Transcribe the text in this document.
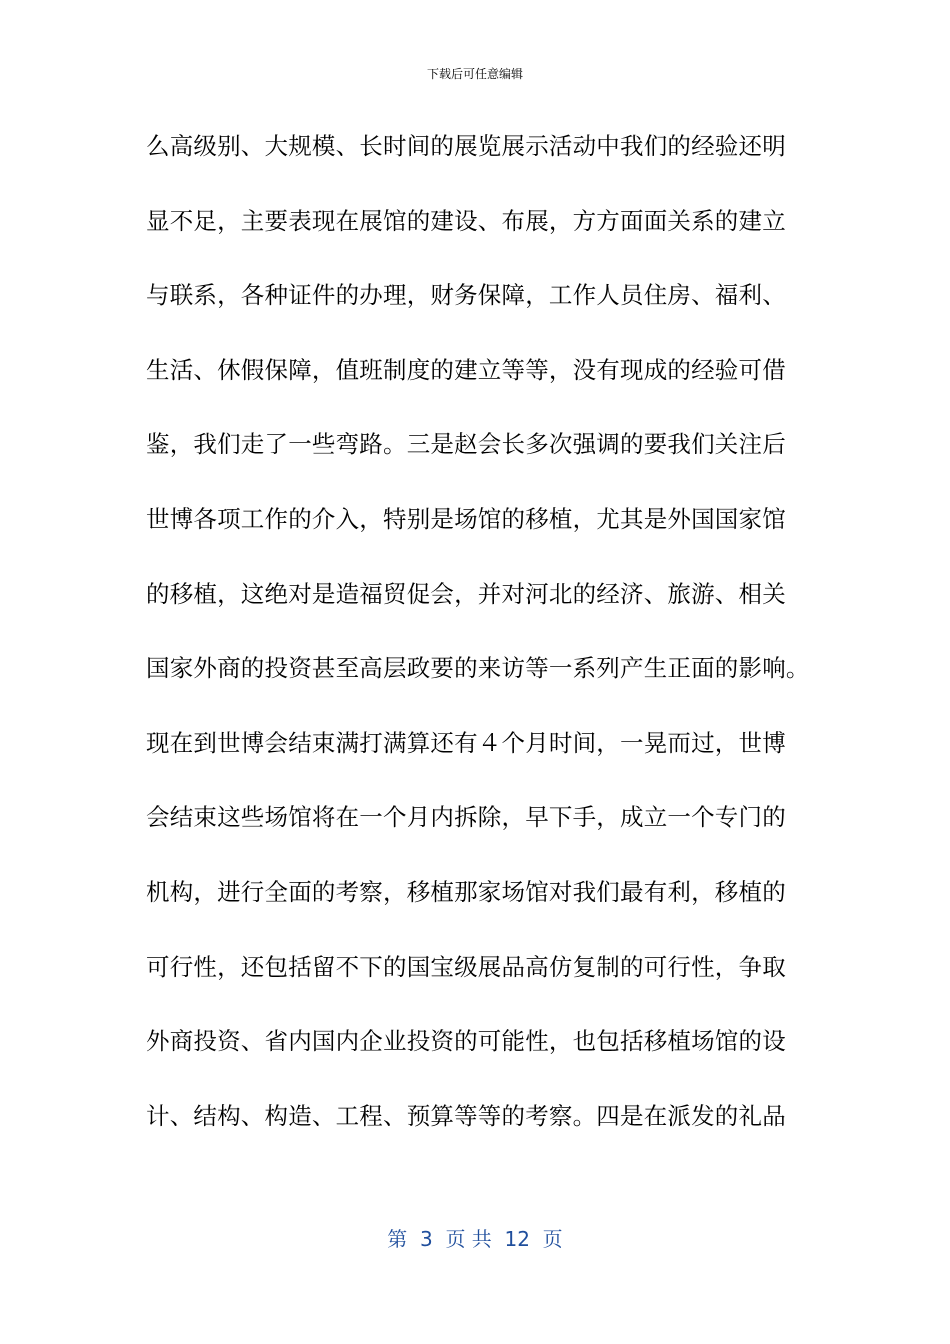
下载后可任意编辑
么高级别、大规模、长时间的展览展示活动中我们的经验还明
显不足，主要表现在展馆的建设、布展，方方面面关系的建立
与联系，各种证件的办理，财务保障，工作人员住房、福利、
生活、休假保障，值班制度的建立等等，没有现成的经验可借
鉴，我们走了一些弯路。三是赵会长多次强调的要我们关注后
世博各项工作的介入，特别是场馆的移植，尤其是外国国家馆
的移植，这绝对是造福贸促会，并对河北的经济、旅游、相关
国家外商的投资甚至高层政要的来访等一系列产生正面的影响。
现在到世博会结束满打满算还有４个月时间，一晃而过，世博
会结束这些场馆将在一个月内拆除，早下手，成立一个专门的
机构，进行全面的考察，移植那家场馆对我们最有利，移植的
可行性，还包括留不下的国宝级展品高仿复制的可行性，争取
外商投资、省内国内企业投资的可能性，也包括移植场馆的设
计、结构、构造、工程、预算等等的考察。四是在派发的礼品
第  3  页 共  12  页
